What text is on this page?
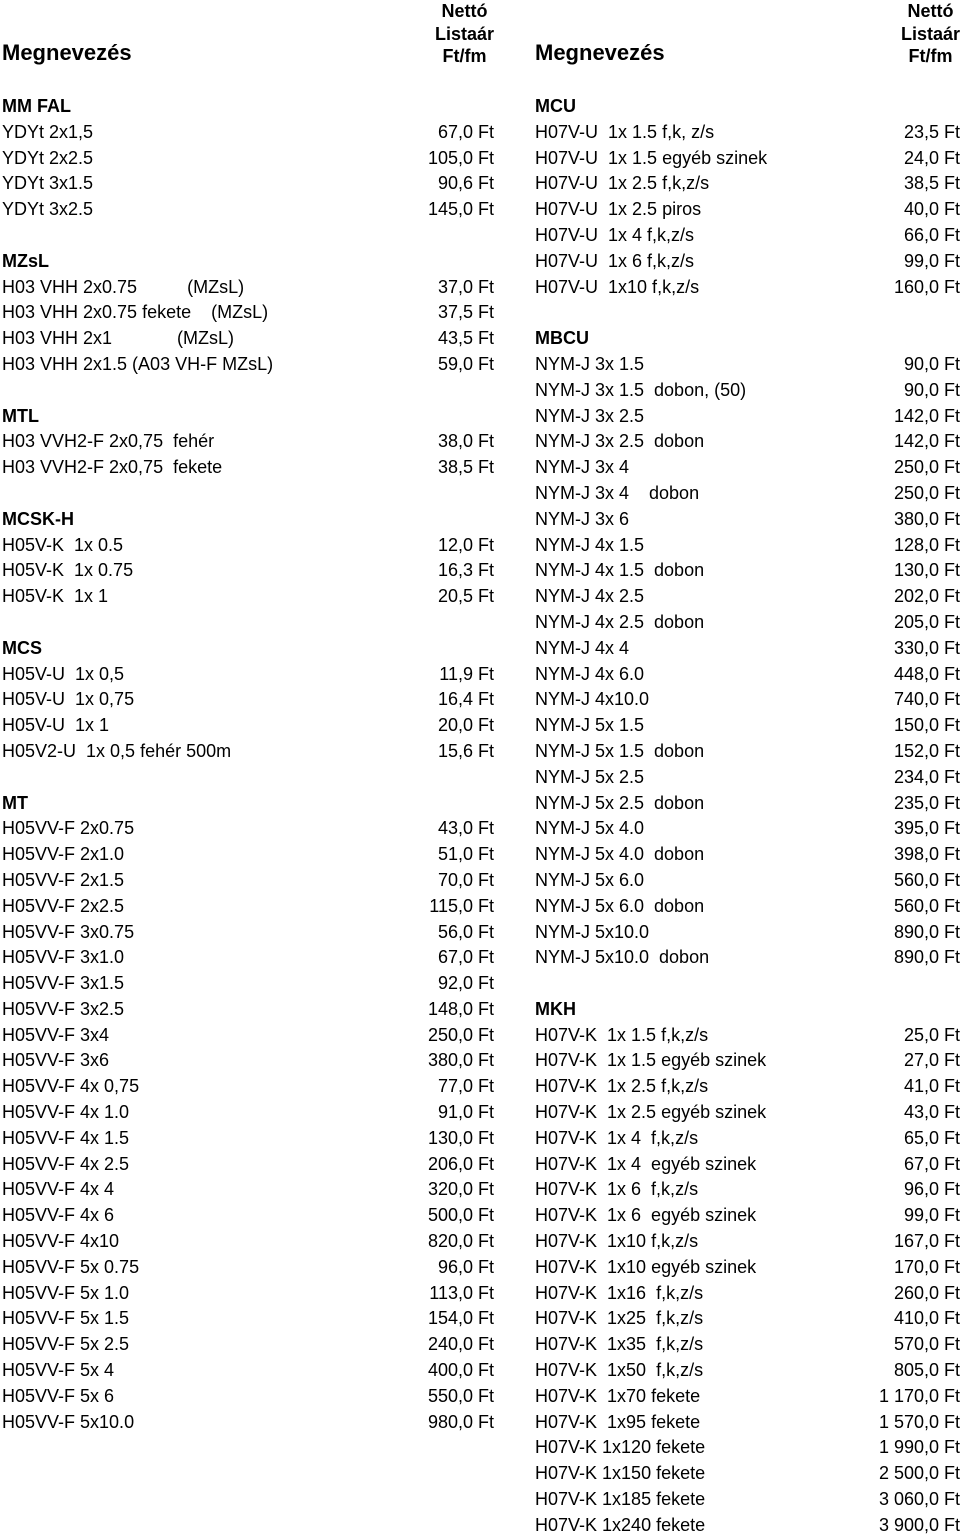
Megnevezés
Nettó
Listaár
Ft/fm
MM FAL
YDYt 2x1,5	67,0 Ft
YDYt 2x2.5	105,0 Ft
YDYt 3x1.5	90,6 Ft
YDYt 3x2.5	145,0 Ft
MZsL
H03 VHH 2x0.75          (MZsL)	37,0 Ft
H03 VHH 2x0.75 fekete    (MZsL)	37,5 Ft
H03 VHH 2x1             (MZsL)	43,5 Ft
H03 VHH 2x1.5 (A03 VH-F MZsL)	59,0 Ft
MTL
H03 VVH2-F 2x0,75  fehér	38,0 Ft
H03 VVH2-F 2x0,75  fekete	38,5 Ft
MCSK-H
H05V-K  1x 0.5	12,0 Ft
H05V-K  1x 0.75	16,3 Ft
H05V-K  1x 1	20,5 Ft
MCS
H05V-U  1x 0,5	11,9 Ft
H05V-U  1x 0,75	16,4 Ft
H05V-U  1x 1	20,0 Ft
H05V2-U  1x 0,5 fehér 500m	15,6 Ft
MT
H05VV-F 2x0.75	43,0 Ft
H05VV-F 2x1.0	51,0 Ft
H05VV-F 2x1.5	70,0 Ft
H05VV-F 2x2.5	115,0 Ft
H05VV-F 3x0.75	56,0 Ft
H05VV-F 3x1.0	67,0 Ft
H05VV-F 3x1.5	92,0 Ft
H05VV-F 3x2.5	148,0 Ft
H05VV-F 3x4	250,0 Ft
H05VV-F 3x6	380,0 Ft
H05VV-F 4x 0,75	77,0 Ft
H05VV-F 4x 1.0	91,0 Ft
H05VV-F 4x 1.5	130,0 Ft
H05VV-F 4x 2.5	206,0 Ft
H05VV-F 4x 4	320,0 Ft
H05VV-F 4x 6	500,0 Ft
H05VV-F 4x10	820,0 Ft
H05VV-F 5x 0.75	96,0 Ft
H05VV-F 5x 1.0	113,0 Ft
H05VV-F 5x 1.5	154,0 Ft
H05VV-F 5x 2.5	240,0 Ft
H05VV-F 5x 4	400,0 Ft
H05VV-F 5x 6	550,0 Ft
H05VV-F 5x10.0	980,0 Ft
Megnevezés
Nettó
Listaár
Ft/fm
MCU
H07V-U  1x 1.5 f,k, z/s	23,5 Ft
H07V-U  1x 1.5 egyéb szinek	24,0 Ft
H07V-U  1x 2.5 f,k,z/s	38,5 Ft
H07V-U  1x 2.5 piros	40,0 Ft
H07V-U  1x 4 f,k,z/s	66,0 Ft
H07V-U  1x 6 f,k,z/s	99,0 Ft
H07V-U  1x10 f,k,z/s	160,0 Ft
MBCU
NYM-J 3x 1.5	90,0 Ft
NYM-J 3x 1.5  dobon, (50)	90,0 Ft
NYM-J 3x 2.5	142,0 Ft
NYM-J 3x 2.5  dobon	142,0 Ft
NYM-J 3x 4	250,0 Ft
NYM-J 3x 4    dobon	250,0 Ft
NYM-J 3x 6	380,0 Ft
NYM-J 4x 1.5	128,0 Ft
NYM-J 4x 1.5  dobon	130,0 Ft
NYM-J 4x 2.5	202,0 Ft
NYM-J 4x 2.5  dobon	205,0 Ft
NYM-J 4x 4	330,0 Ft
NYM-J 4x 6.0	448,0 Ft
NYM-J 4x10.0	740,0 Ft
NYM-J 5x 1.5	150,0 Ft
NYM-J 5x 1.5  dobon	152,0 Ft
NYM-J 5x 2.5	234,0 Ft
NYM-J 5x 2.5  dobon	235,0 Ft
NYM-J 5x 4.0	395,0 Ft
NYM-J 5x 4.0  dobon	398,0 Ft
NYM-J 5x 6.0	560,0 Ft
NYM-J 5x 6.0  dobon	560,0 Ft
NYM-J 5x10.0	890,0 Ft
NYM-J 5x10.0  dobon	890,0 Ft
MKH
H07V-K  1x 1.5 f,k,z/s	25,0 Ft
H07V-K  1x 1.5 egyéb szinek	27,0 Ft
H07V-K  1x 2.5 f,k,z/s	41,0 Ft
H07V-K  1x 2.5 egyéb szinek	43,0 Ft
H07V-K  1x 4  f,k,z/s	65,0 Ft
H07V-K  1x 4  egyéb szinek	67,0 Ft
H07V-K  1x 6  f,k,z/s	96,0 Ft
H07V-K  1x 6  egyéb szinek	99,0 Ft
H07V-K  1x10 f,k,z/s	167,0 Ft
H07V-K  1x10 egyéb szinek	170,0 Ft
H07V-K  1x16  f,k,z/s	260,0 Ft
H07V-K  1x25  f,k,z/s	410,0 Ft
H07V-K  1x35  f,k,z/s	570,0 Ft
H07V-K  1x50  f,k,z/s	805,0 Ft
H07V-K  1x70 fekete	1 170,0 Ft
H07V-K  1x95 fekete	1 570,0 Ft
H07V-K 1x120 fekete	1 990,0 Ft
H07V-K 1x150 fekete	2 500,0 Ft
H07V-K 1x185 fekete	3 060,0 Ft
H07V-K 1x240 fekete	3 900,0 Ft
